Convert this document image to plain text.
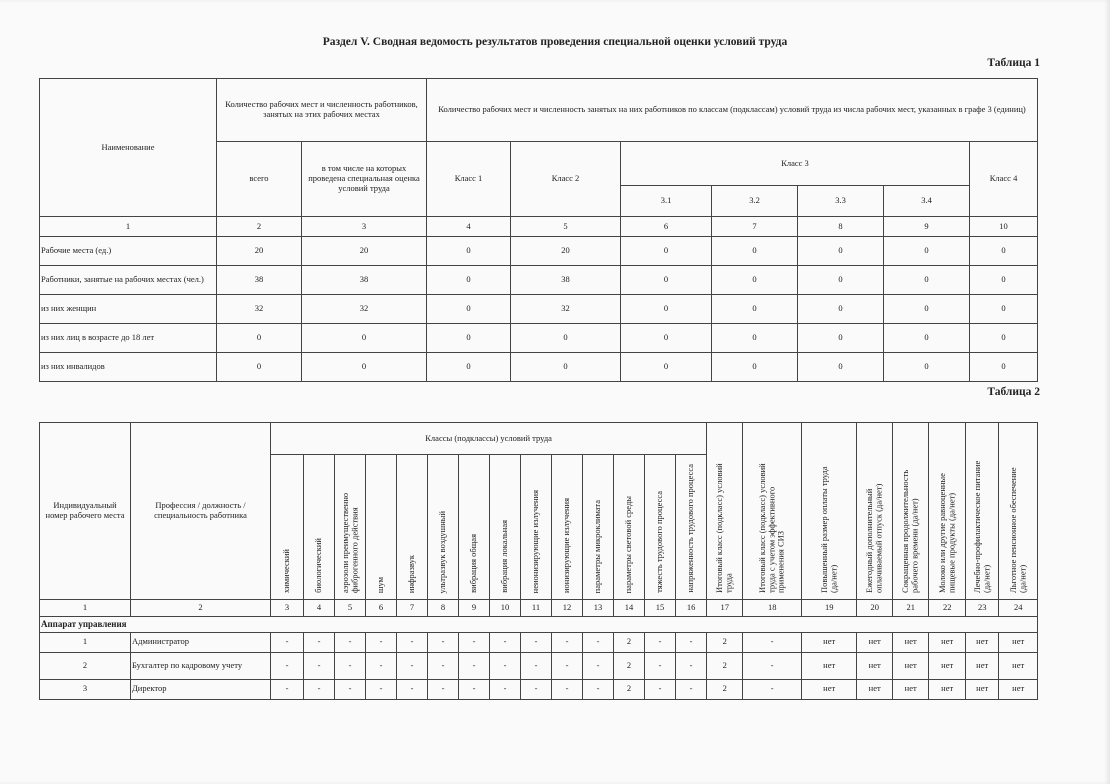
Раздел V. Сводная ведомость результатов проведения специальной оценки условий труда
Таблица 1
Наименование	Количество рабочих мест и численность работников, занятых на этих рабочих местах		Количество рабочих мест и численность занятых на них работников по классам (подклассам) условий труда из числа рабочих мест, указанных в графе 3 (единиц)						
	всего	в том числе на которых проведена специальная оценка условий труда	Класс 1	Класс 2	Класс 3				Класс 4
					3.1	3.2	3.3	3.4	
1	2	3	4	5	6	7	8	9	10
Рабочие места (ед.)	20	20	0	20	0	0	0	0	0
Работники, занятые на рабочих местах (чел.)	38	38	0	38	0	0	0	0	0
из них женщин	32	32	0	32	0	0	0	0	0
из них лиц в возрасте до 18 лет	0	0	0	0	0	0	0	0	0
из них инвалидов	0	0	0	0	0	0	0	0	0
Таблица 2
Индивидуальный номер рабочего места	Профессия / должность / специальность работника	Классы (подклассы) условий труда														Итоговый класс (подкласс) условий труда	Итоговый класс (подкласс) условий труда с учетом эффективного применения СИЗ	Повышенный размер оплаты труда (да/нет)	Ежегодный дополнительный оплачиваемый отпуск (да/нет)	Сокращенная продолжительность рабочего времени (да/нет)	Молоко или другие равноценные пищевые продукты (да/нет)	Лечебно-профилактическое питание (да/нет)	Льготное пенсионное обеспечение (да/нет)
		химический	биологический	аэрозоли преимущественно фиброгенного действия	шум	инфразвук	ультразвук воздушный	вибрация общая	вибрация локальная	неионизирующие излучения	ионизирующие излучения	параметры микроклимата	параметры световой среды	тяжесть трудового процесса	напряженность трудового процесса								
1	2	3	4	5	6	7	8	9	10	11	12	13	14	15	16	17	18	19	20	21	22	23	24
Аппарат управления																							
1	Администратор	-	-	-	-	-	-	-	-	-	-	-	2	-	-	2	-	нет	нет	нет	нет	нет	нет
2	Бухгалтер по кадровому учету	-	-	-	-	-	-	-	-	-	-	-	2	-	-	2	-	нет	нет	нет	нет	нет	нет
3	Директор	-	-	-	-	-	-	-	-	-	-	-	2	-	-	2	-	нет	нет	нет	нет	нет	нет
